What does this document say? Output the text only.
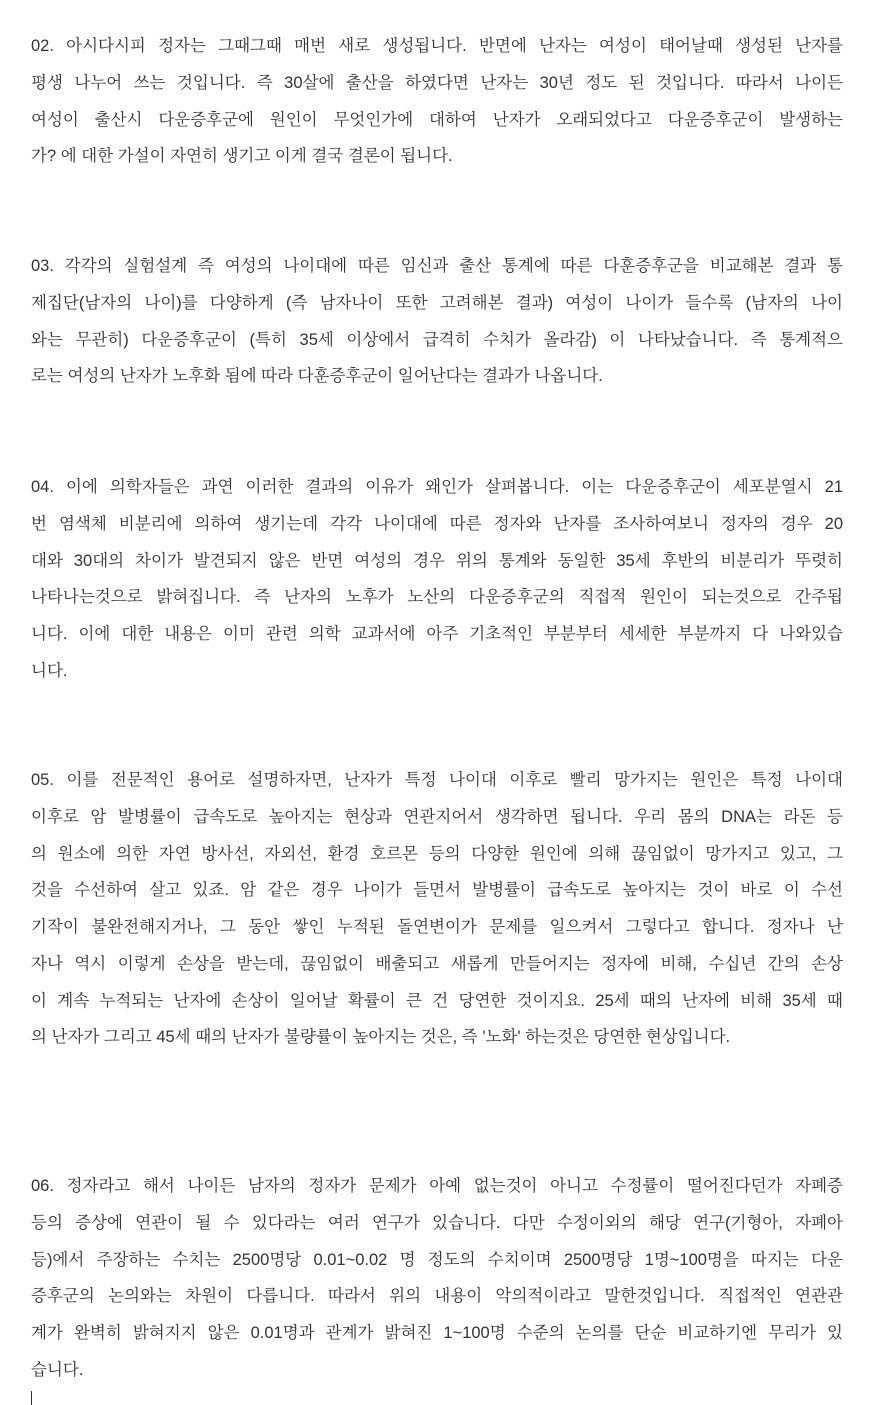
02. 아시다시피 정자는 그때그때 매번 새로 생성됩니다. 반면에 난자는 여성이 태어날때 생성된 난자를
평생 나누어 쓰는 것입니다. 즉 30살에 출산을 하였다면 난자는 30년 정도 된 것입니다. 따라서 나이든
여성이 출산시 다운증후군에 원인이 무엇인가에 대하여 난자가 오래되었다고 다운증후군이 발생하는
가? 에 대한 가설이 자연히 생기고 이게 결국 결론이 됩니다.
03. 각각의 실험설계 즉 여성의 나이대에 따른 임신과 출산 통계에 따른 다훈증후군을 비교해본 결과 통
제집단(남자의 나이)를 다양하게 (즉 남자나이 또한 고려해본 결과) 여성이 나이가 들수록 (남자의 나이
와는 무관히) 다운증후군이 (특히 35세 이상에서 급격히 수치가 올라감) 이 나타났습니다. 즉 통계적으
로는 여성의 난자가 노후화 됨에 따라 다훈증후군이 일어난다는 결과가 나옵니다.
04. 이에 의학자들은 과연 이러한 결과의 이유가 왜인가 살펴봅니다. 이는 다운증후군이 세포분열시 21
번 염색체 비분리에 의하여 생기는데 각각 나이대에 따른 정자와 난자를 조사하여보니 정자의 경우 20
대와 30대의 차이가 발견되지 않은 반면 여성의 경우 위의 통계와 동일한 35세 후반의 비분리가 뚜렷히
나타나는것으로 밝혀집니다. 즉 난자의 노후가 노산의 다운증후군의 직접적 원인이 되는것으로 간주됩
니다. 이에 대한 내용은 이미 관련 의학 교과서에 아주 기초적인 부분부터 세세한 부분까지 다 나와있습
니다.
05. 이를 전문적인 용어로 설명하자면, 난자가 특정 나이대 이후로 빨리 망가지는 원인은 특정 나이대
이후로 암 발병률이 급속도로 높아지는 현상과 연관지어서 생각하면 됩니다. 우리 몸의 DNA는 라돈 등
의 원소에 의한 자연 방사선, 자외선, 환경 호르몬 등의 다양한 원인에 의해 끊임없이 망가지고 있고, 그
것을 수선하여 살고 있죠. 암 같은 경우 나이가 들면서 발병률이 급속도로 높아지는 것이 바로 이 수선
기작이 불완전해지거나, 그 동안 쌓인 누적된 돌연변이가 문제를 일으켜서 그렇다고 합니다. 정자나 난
자나 역시 이렇게 손상을 받는데, 끊임없이 배출되고 새롭게 만들어지는 정자에 비해, 수십년 간의 손상
이 계속 누적되는 난자에 손상이 일어날 확률이 큰 건 당연한 것이지요. 25세 때의 난자에 비해 35세 때
의 난자가 그리고 45세 때의 난자가 불량률이 높아지는 것은, 즉 '노화' 하는것은 당연한 현상입니다.
06. 정자라고 해서 나이든 남자의 정자가 문제가 아예 없는것이 아니고 수정률이 떨어진다던가 자폐증
등의 증상에 연관이 될 수 있다라는 여러 연구가 있습니다. 다만 수정이외의 해당 연구(기형아, 자폐아
등)에서 주장하는 수치는 2500명당 0.01~0.02 명 정도의 수치이며 2500명당 1명~100명을 따지는 다운
증후군의 논의와는 차원이 다릅니다. 따라서 위의 내용이 악의적이라고 말한것입니다. 직접적인 연관관
계가 완벽히 밝혀지지 않은 0.01명과 관계가 밝혀진 1~100명 수준의 논의를 단순 비교하기엔 무리가 있
습니다.
